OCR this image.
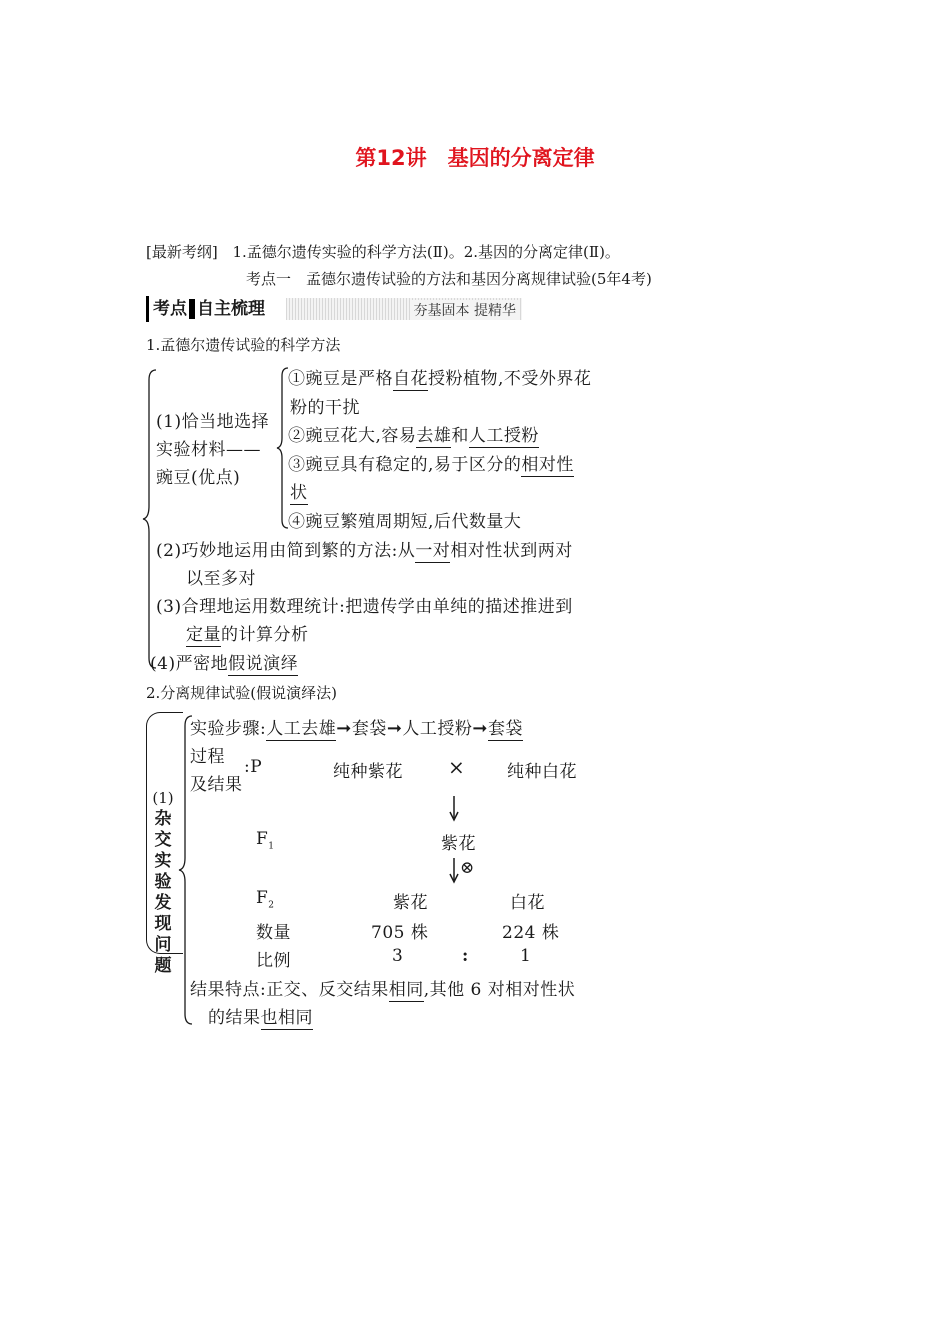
第12讲　基因的分离定律
[最新考纲] 1.孟德尔遗传实验的科学方法(Ⅱ)。2.基因的分离定律(Ⅱ)。
考点一　孟德尔遗传试验的方法和基因分离规律试验(5年4考)
考点 自主梳理	夯基固本 提精华
1.孟德尔遗传试验的科学方法
(1)恰当地选择
实验材料——
豌豆(优点)
①豌豆是严格自花授粉植物,不受外界花
粉的干扰
②豌豆花大,容易去雄和人工授粉
③豌豆具有稳定的,易于区分的相对性
状
④豌豆繁殖周期短,后代数量大
(2)巧妙地运用由简到繁的方法:从一对相对性状到两对
以至多对
(3)合理地运用数理统计:把遗传学由单纯的描述推进到
定量的计算分析
(4)严密地假说演绎
2.分离规律试验(假说演绎法)
(1)
杂
交
实
验
发
现
问
题
实验步骤:人工去雄➞套袋➞人工授粉➞套袋
过程
及结果
:P	纯种紫花 × 纯种白花
$F_1$	紫花
⊗
$F_2$	紫花	白花
数量	705 株	224 株
比例	3	:	1
结果特点:正交、反交结果相同,其他 6 对相对性状
的结果也相同
